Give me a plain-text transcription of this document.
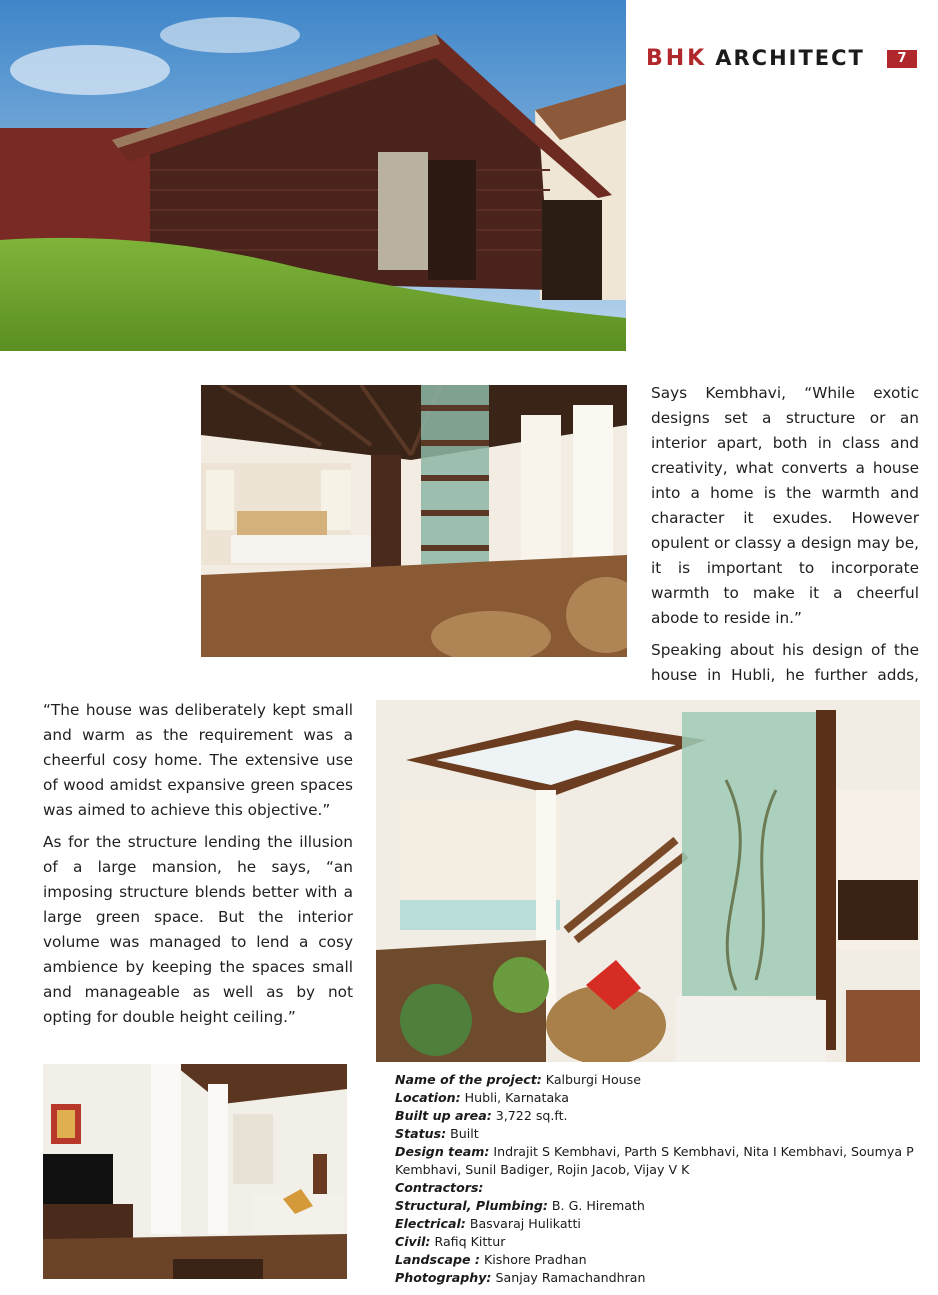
BHK ARCHITECT	7

Says Kembhavi, “While exotic designs set a structure or an interior apart, both in class and creativity, what converts a house into a home is the warmth and character it exudes. However opulent or classy a design may be, it is important to incorporate warmth to make it a cheerful abode to reside in.”

Speaking about his design of the house in Hubli, he further adds,

“The house was deliberately kept small and warm as the requirement was a cheerful cosy home. The extensive use of wood amidst expansive green spaces was aimed to achieve this objective.”

As for the structure lending the illusion of a large mansion, he says, “an imposing structure blends better with a large green space. But the interior volume was managed to lend a cosy ambience by keeping the spaces small and manageable as well as by not opting for double height ceiling.”

Name of the project: Kalburgi House
Location: Hubli, Karnataka
Built up area: 3,722 sq.ft.
Status: Built
Design team: Indrajit S Kembhavi, Parth S Kembhavi, Nita I Kembhavi, Soumya P Kembhavi, Sunil Badiger, Rojin Jacob, Vijay V K
Contractors:
Structural, Plumbing: B. G. Hiremath
Electrical: Basvaraj Hulikatti
Civil: Rafiq Kittur
Landscape : Kishore Pradhan
Photography: Sanjay Ramachandhran
